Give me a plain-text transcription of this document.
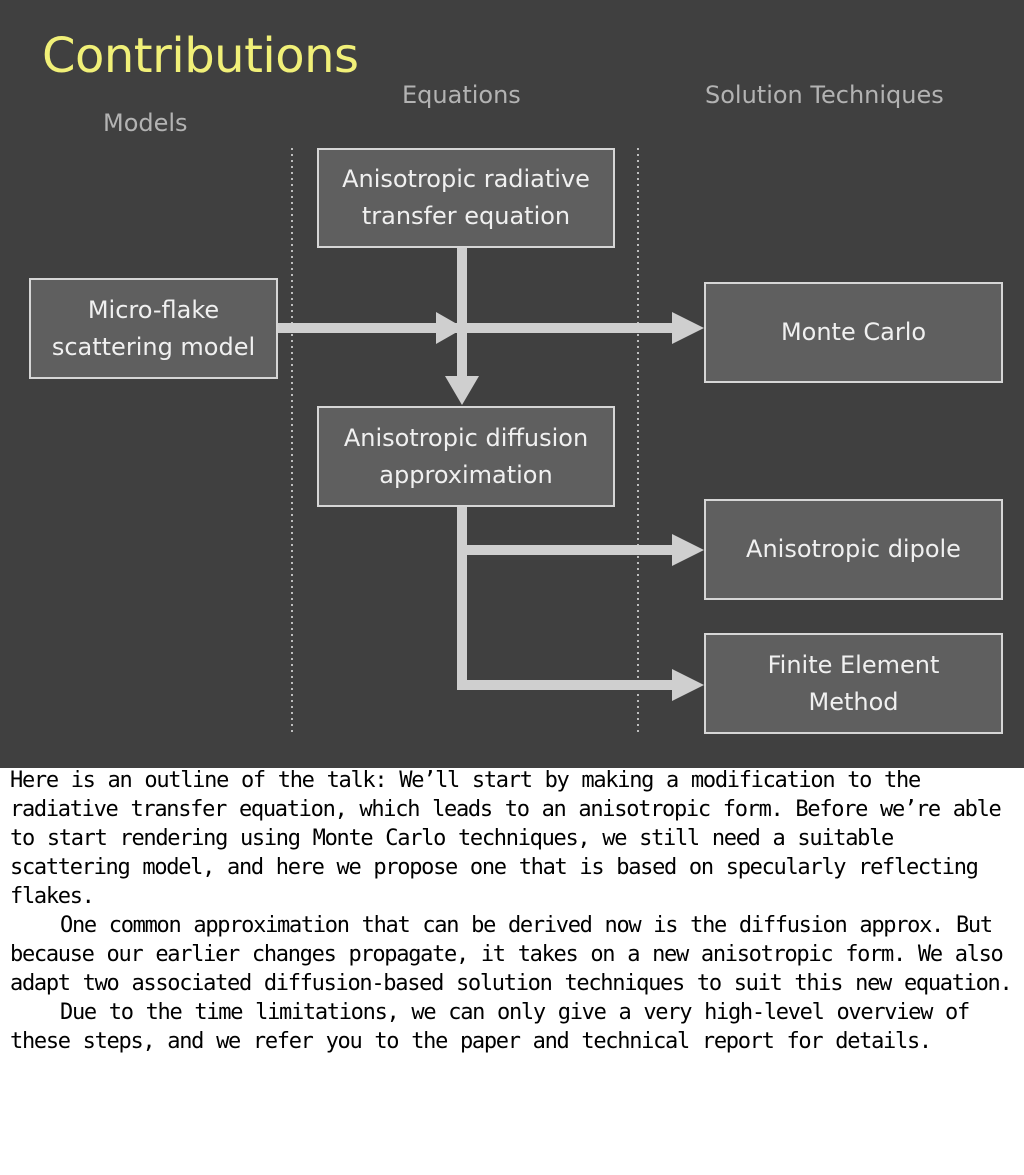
Contributions
Models
Equations	Solution Techniques
Anisotropic radiative
transfer equation
Micro-flake
scattering model
Monte Carlo
Anisotropic diffusion
approximation
Anisotropic dipole
Finite Element
Method

Here is an outline of the talk: We’ll start by making a modification to the radiative transfer equation, which leads to an anisotropic form. Before we’re able to start rendering using Monte Carlo techniques, we still need a suitable scattering model, and here we propose one that is based on specularly reflecting flakes.

One common approximation that can be derived now is the diffusion approx. But because our earlier changes propagate, it takes on a new anisotropic form. We also adapt two associated diffusion-based solution techniques to suit this new equation.

Due to the time limitations, we can only give a very high-level overview of these steps, and we refer you to the paper and technical report for details.
